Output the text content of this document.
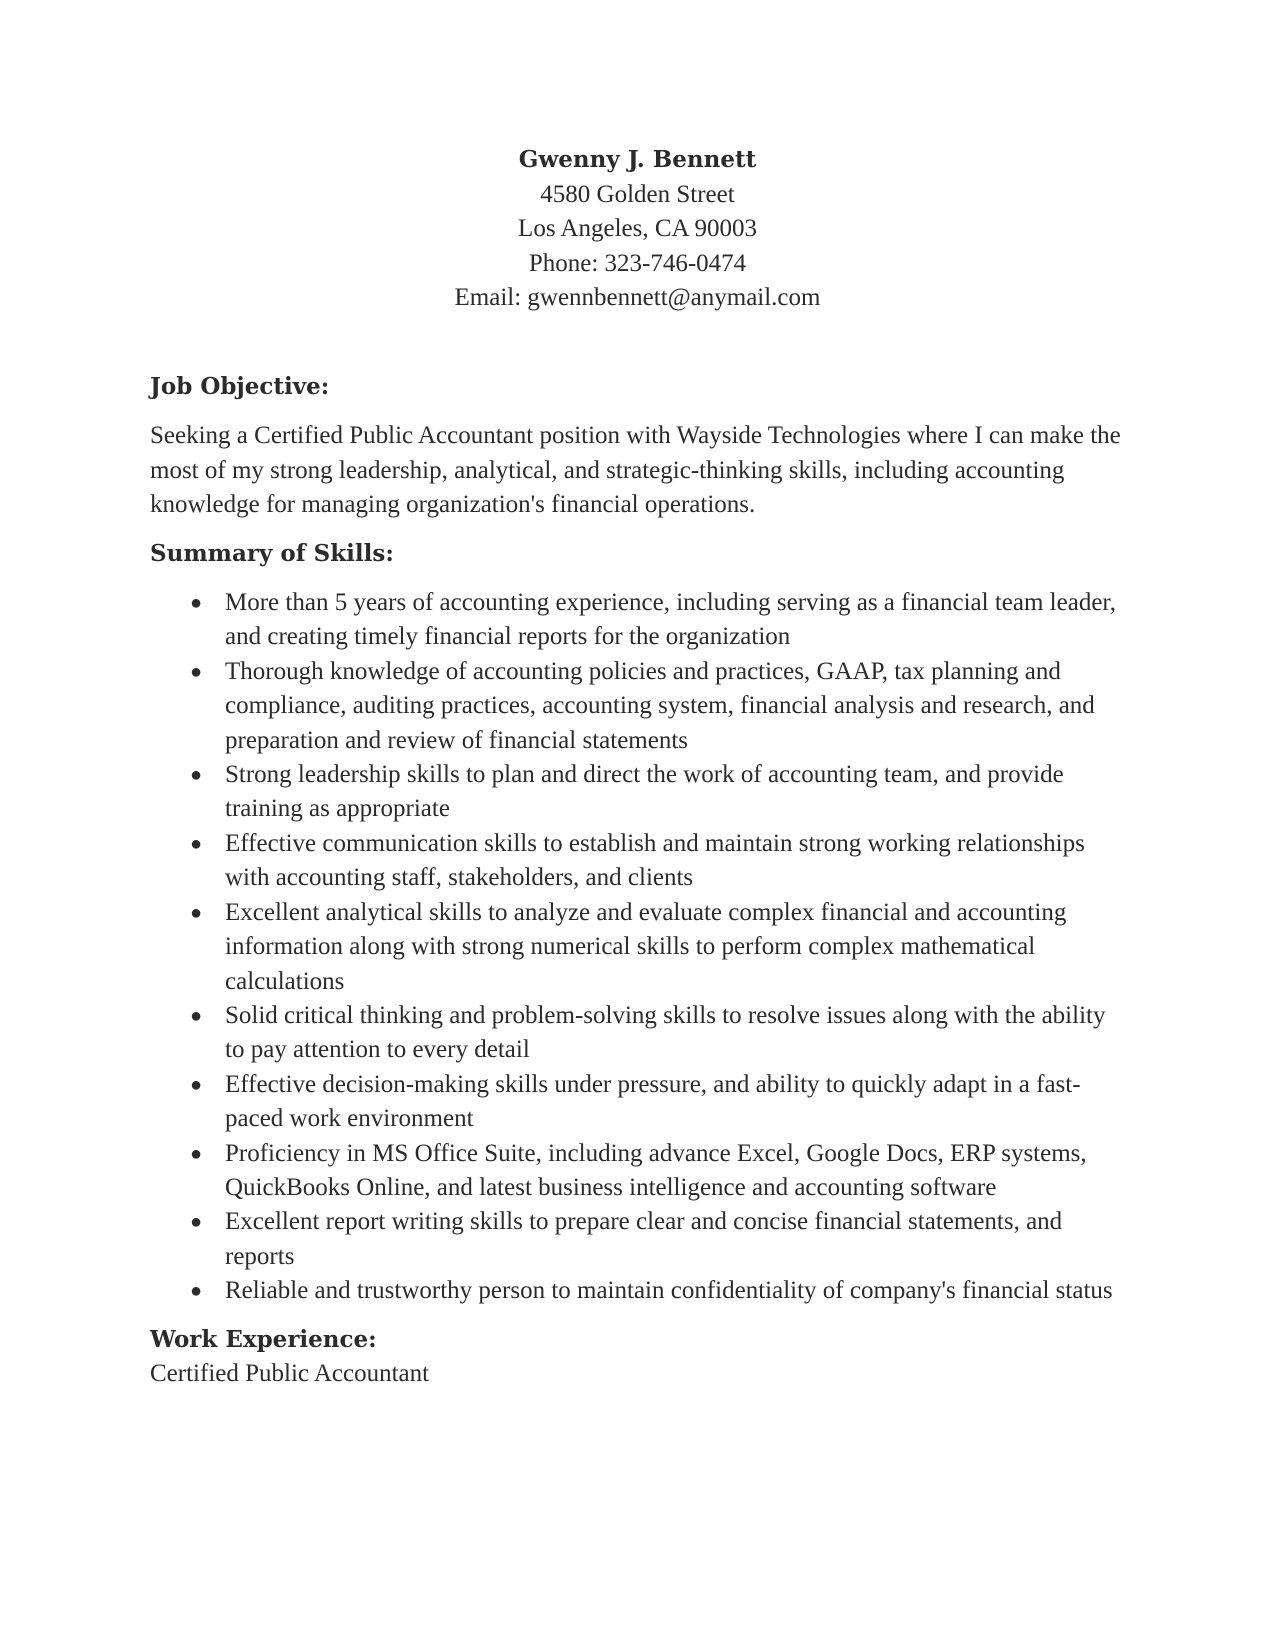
Gwenny J. Bennett
4580 Golden Street
Los Angeles, CA 90003
Phone: 323-746-0474
Email: gwennbennett@anymail.com
Job Objective:

Seeking a Certified Public Accountant position with Wayside Technologies where I can make the most of my strong leadership, analytical, and strategic-thinking skills, including accounting knowledge for managing organization's financial operations.

Summary of Skills:
● More than 5 years of accounting experience, including serving as a financial team leader, and creating timely financial reports for the organization
● Thorough knowledge of accounting policies and practices, GAAP, tax planning and compliance, auditing practices, accounting system, financial analysis and research, and preparation and review of financial statements
● Strong leadership skills to plan and direct the work of accounting team, and provide training as appropriate
● Effective communication skills to establish and maintain strong working relationships with accounting staff, stakeholders, and clients
● Excellent analytical skills to analyze and evaluate complex financial and accounting information along with strong numerical skills to perform complex mathematical calculations
● Solid critical thinking and problem-solving skills to resolve issues along with the ability to pay attention to every detail
● Effective decision-making skills under pressure, and ability to quickly adapt in a fast-paced work environment
● Proficiency in MS Office Suite, including advance Excel, Google Docs, ERP systems, QuickBooks Online, and latest business intelligence and accounting software
● Excellent report writing skills to prepare clear and concise financial statements, and reports
● Reliable and trustworthy person to maintain confidentiality of company's financial status
Work Experience:

Certified Public Accountant
